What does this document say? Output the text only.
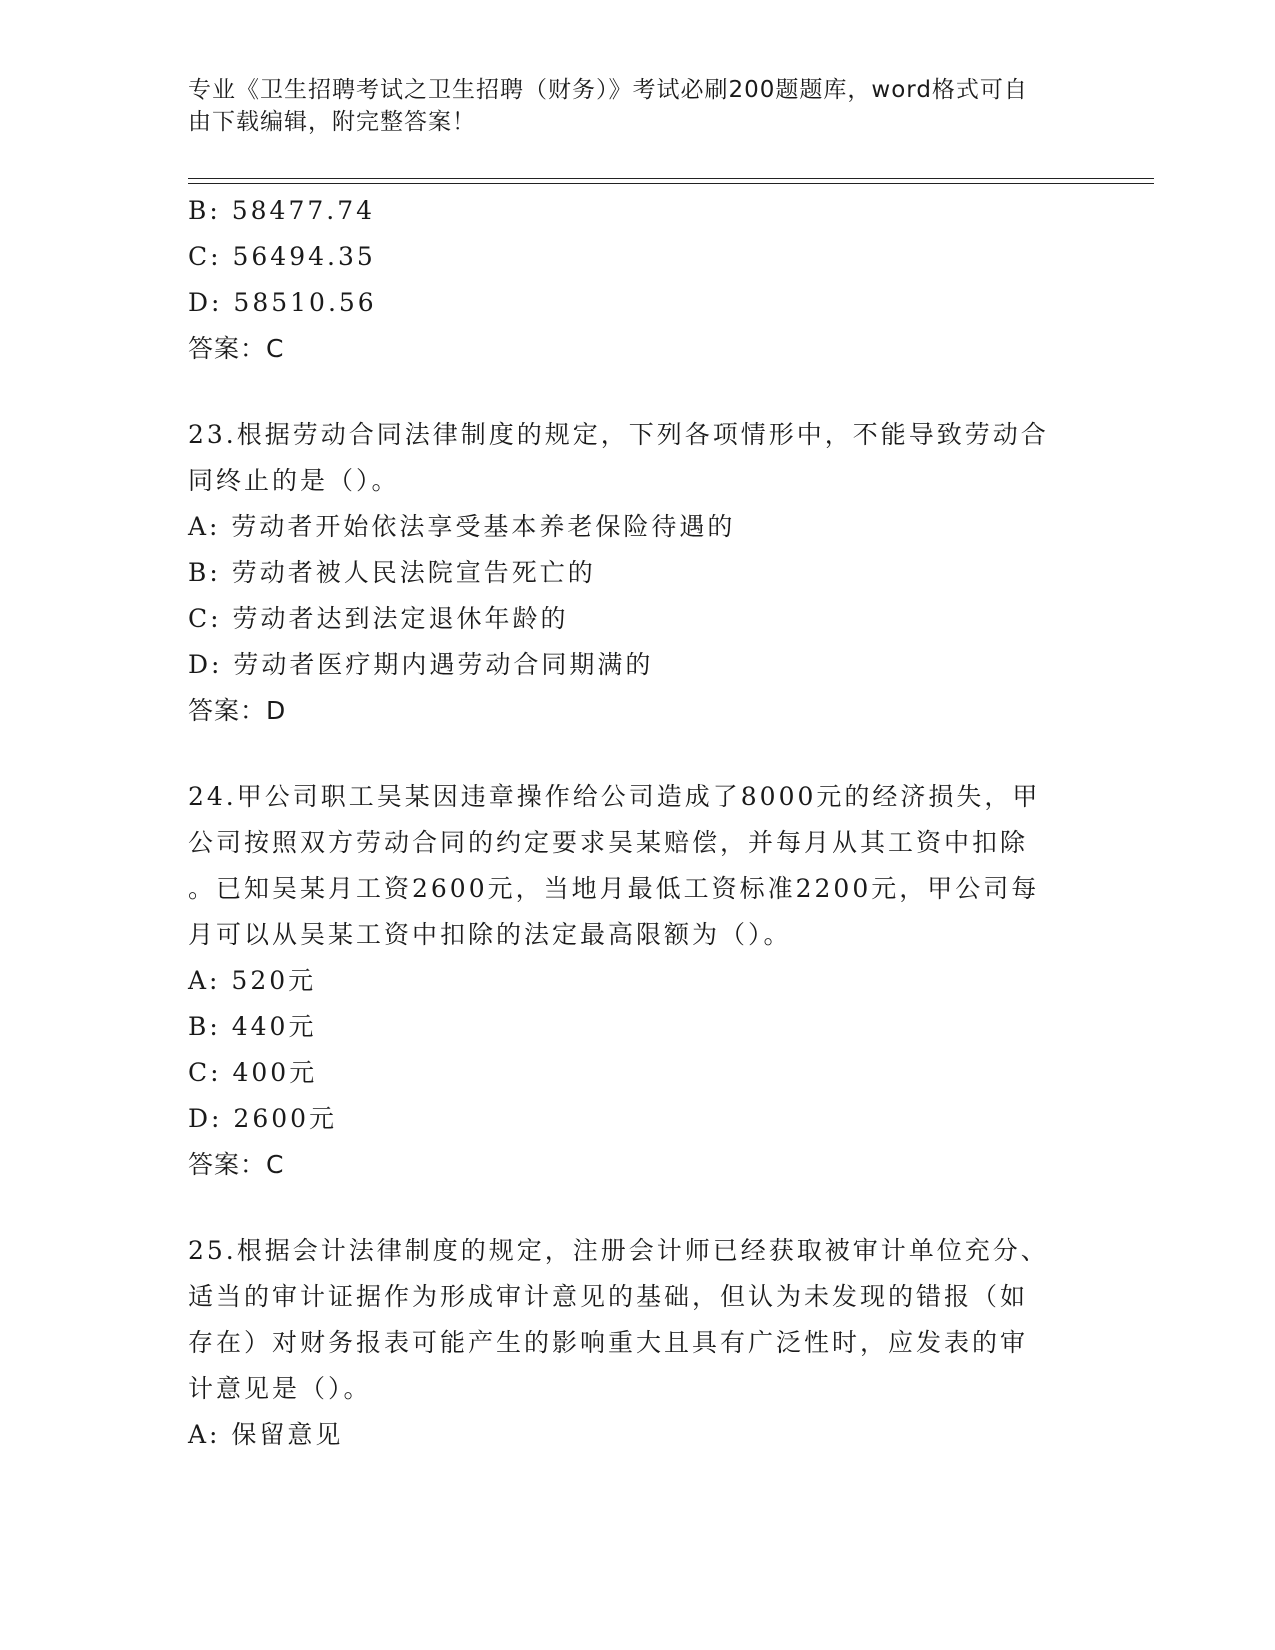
专业《卫生招聘考试之卫生招聘（财务）》考试必刷200题题库，word格式可自
由下载编辑，附完整答案！
B: 58477.74
C: 56494.35
D: 58510.56
答案：C
23.根据劳动合同法律制度的规定，下列各项情形中，不能导致劳动合
同终止的是（）。
A: 劳动者开始依法享受基本养老保险待遇的
B: 劳动者被人民法院宣告死亡的
C: 劳动者达到法定退休年龄的
D: 劳动者医疗期内遇劳动合同期满的
答案：D
24.甲公司职工吴某因违章操作给公司造成了8000元的经济损失，甲
公司按照双方劳动合同的约定要求吴某赔偿，并每月从其工资中扣除
。已知吴某月工资2600元，当地月最低工资标准2200元，甲公司每
月可以从吴某工资中扣除的法定最高限额为（）。
A: 520元
B: 440元
C: 400元
D: 2600元
答案：C
25.根据会计法律制度的规定，注册会计师已经获取被审计单位充分、
适当的审计证据作为形成审计意见的基础，但认为未发现的错报（如
存在）对财务报表可能产生的影响重大且具有广泛性时，应发表的审
计意见是（）。
A: 保留意见
